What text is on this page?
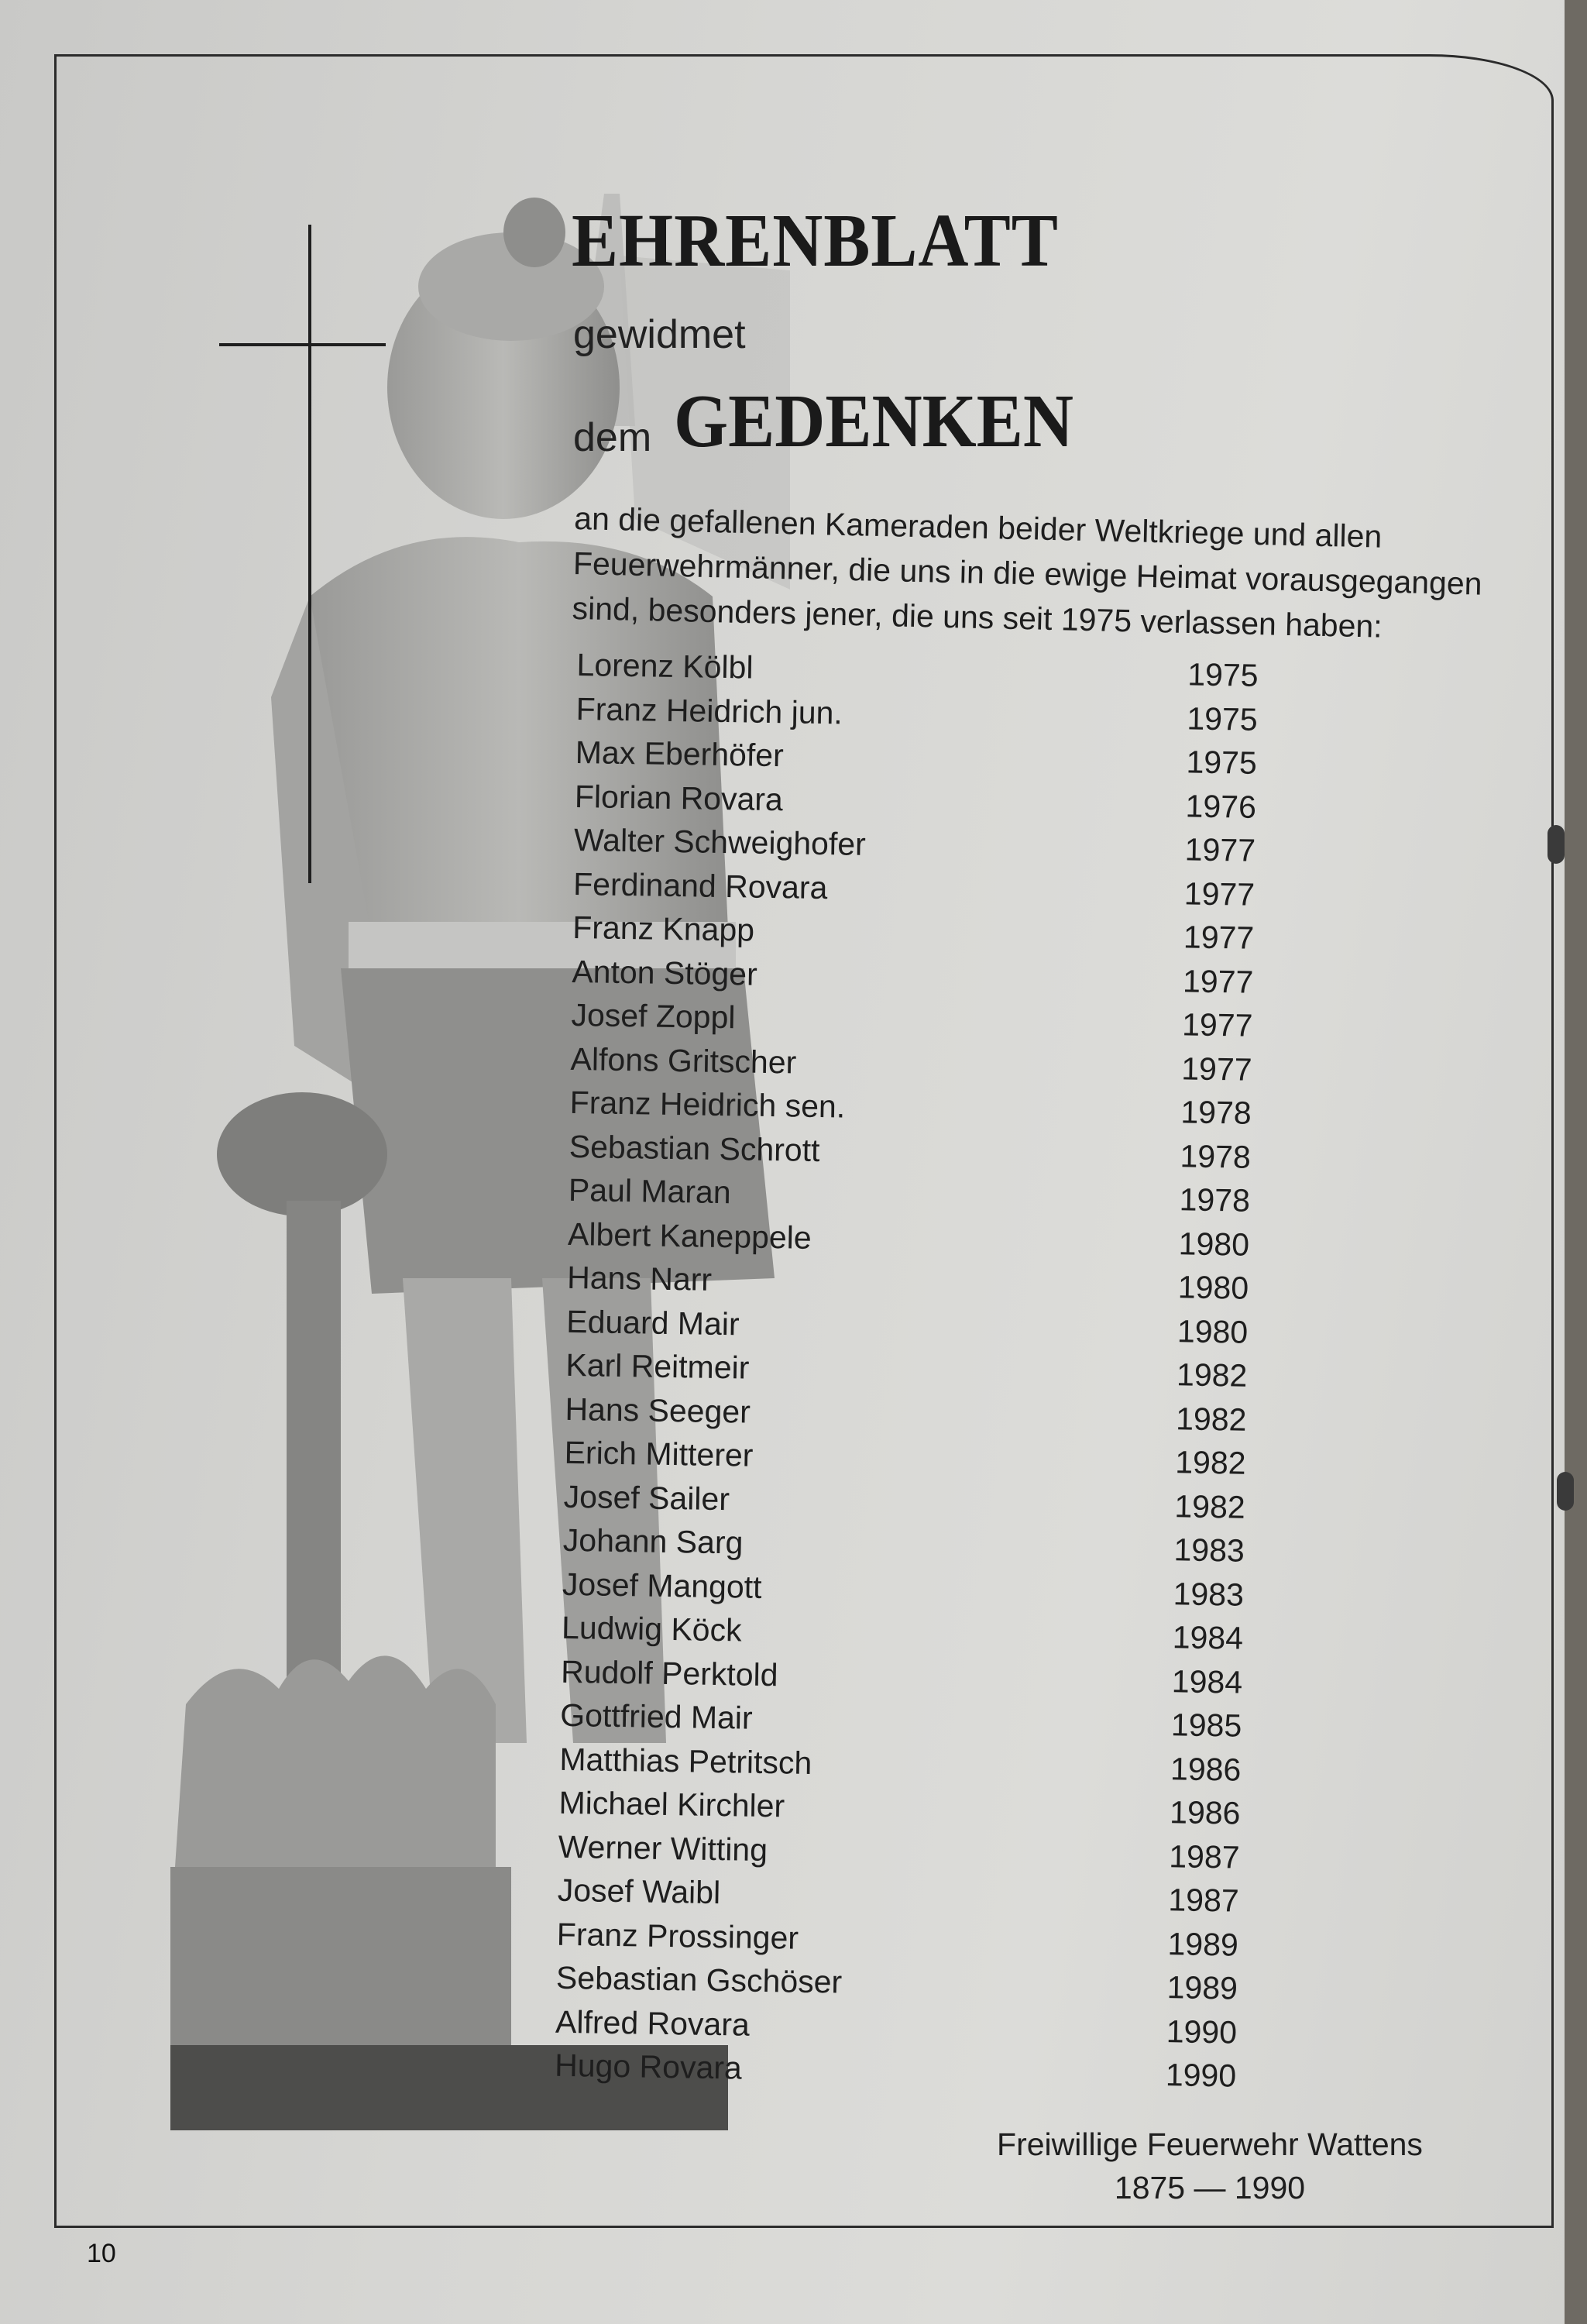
EHRENBLATT
gewidmet
dem GEDENKEN
an die gefallenen Kameraden beider Weltkriege und allen
Feuerwehrmänner, die uns in die ewige Heimat vorausgegangen
sind, besonders jener, die uns seit 1975 verlassen haben:
Lorenz Kölbl	1975
Franz Heidrich jun.	1975
Max Eberhöfer	1975
Florian Rovara	1976
Walter Schweighofer	1977
Ferdinand Rovara	1977
Franz Knapp	1977
Anton Stöger	1977
Josef Zoppl	1977
Alfons Gritscher	1977
Franz Heidrich sen.	1978
Sebastian Schrott	1978
Paul Maran	1978
Albert Kaneppele	1980
Hans Narr	1980
Eduard Mair	1980
Karl Reitmeir	1982
Hans Seeger	1982
Erich Mitterer	1982
Josef Sailer	1982
Johann Sarg	1983
Josef Mangott	1983
Ludwig Köck	1984
Rudolf Perktold	1984
Gottfried Mair	1985
Matthias Petritsch	1986
Michael Kirchler	1986
Werner Witting	1987
Josef Waibl	1987
Franz Prossinger	1989
Sebastian Gschöser	1989
Alfred Rovara	1990
Hugo Rovara	1990
Freiwillige Feuerwehr Wattens
1875 — 1990
10
